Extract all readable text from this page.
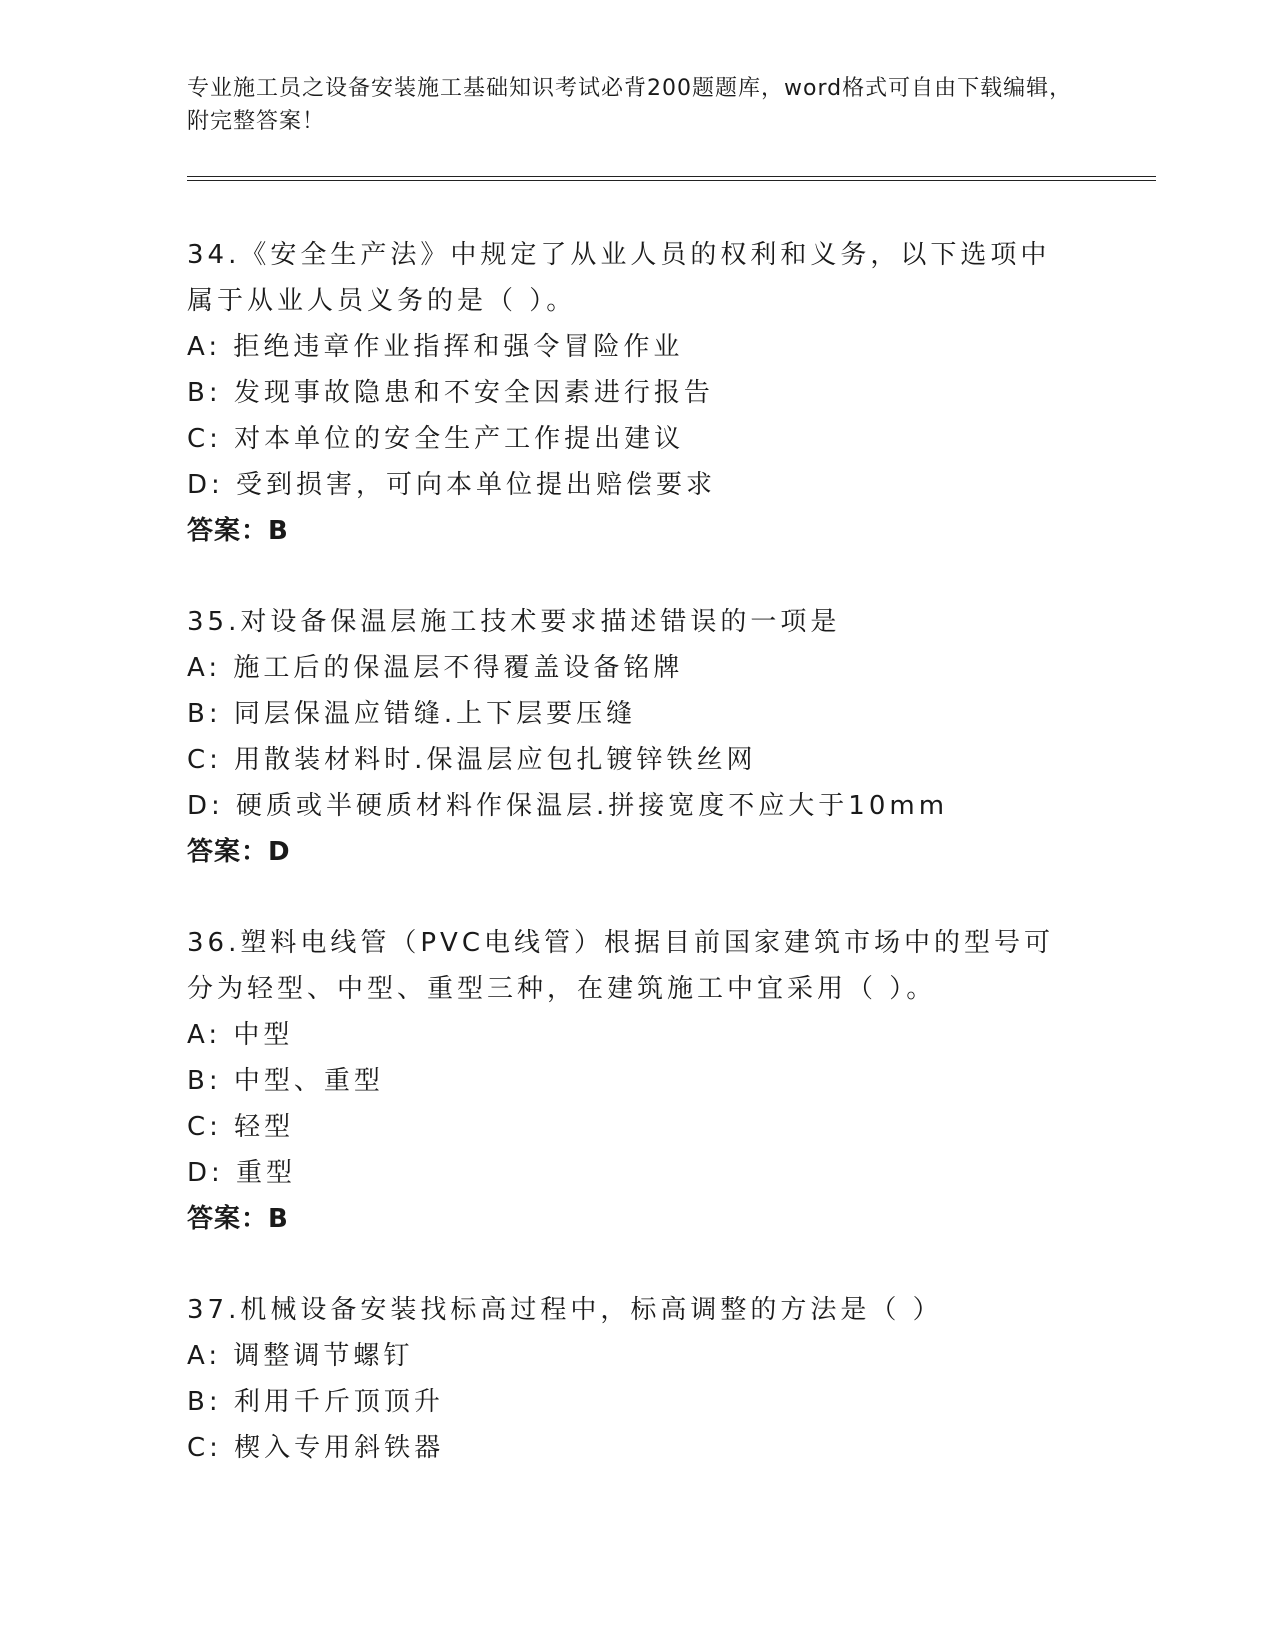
专业施工员之设备安装施工基础知识考试必背200题题库，word格式可自由下载编辑，附完整答案！
34.《安全生产法》中规定了从业人员的权利和义务，以下选项中属于从业人员义务的是（ ）。
A: 拒绝违章作业指挥和强令冒险作业
B: 发现事故隐患和不安全因素进行报告
C: 对本单位的安全生产工作提出建议
D: 受到损害，可向本单位提出赔偿要求
答案：B
35.对设备保温层施工技术要求描述错误的一项是
A: 施工后的保温层不得覆盖设备铭牌
B: 同层保温应错缝.上下层要压缝
C: 用散装材料时.保温层应包扎镀锌铁丝网
D: 硬质或半硬质材料作保温层.拼接宽度不应大于10mm
答案：D
36.塑料电线管（PVC电线管）根据目前国家建筑市场中的型号可分为轻型、中型、重型三种，在建筑施工中宜采用（ ）。
A: 中型
B: 中型、重型
C: 轻型
D: 重型
答案：B
37.机械设备安装找标高过程中，标高调整的方法是（ ）
A: 调整调节螺钉
B: 利用千斤顶顶升
C: 楔入专用斜铁器
